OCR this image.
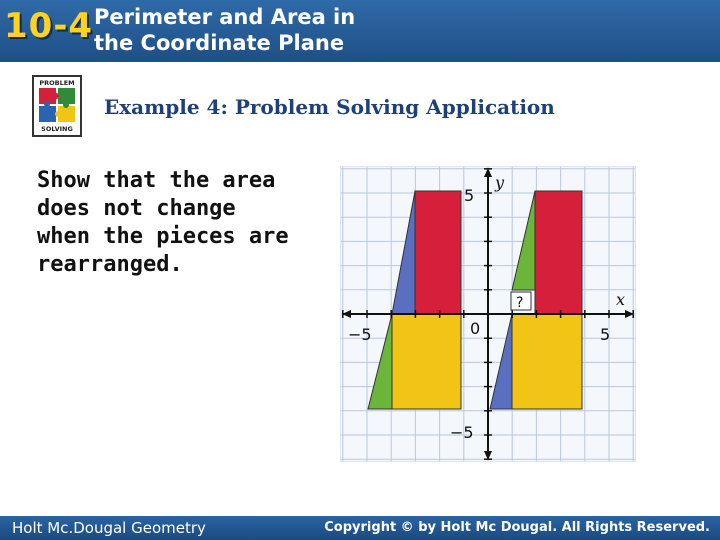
10-4 Perimeter and Area in
the Coordinate Plane
PROBLEM
SOLVING
Example 4: Problem Solving Application
Show that the area
does not change
when the pieces are
rearranged.
x
y
0
−5	5
5
−5
?
Holt Mc.Dougal Geometry	Copyright © by Holt Mc Dougal. All Rights Reserved.
